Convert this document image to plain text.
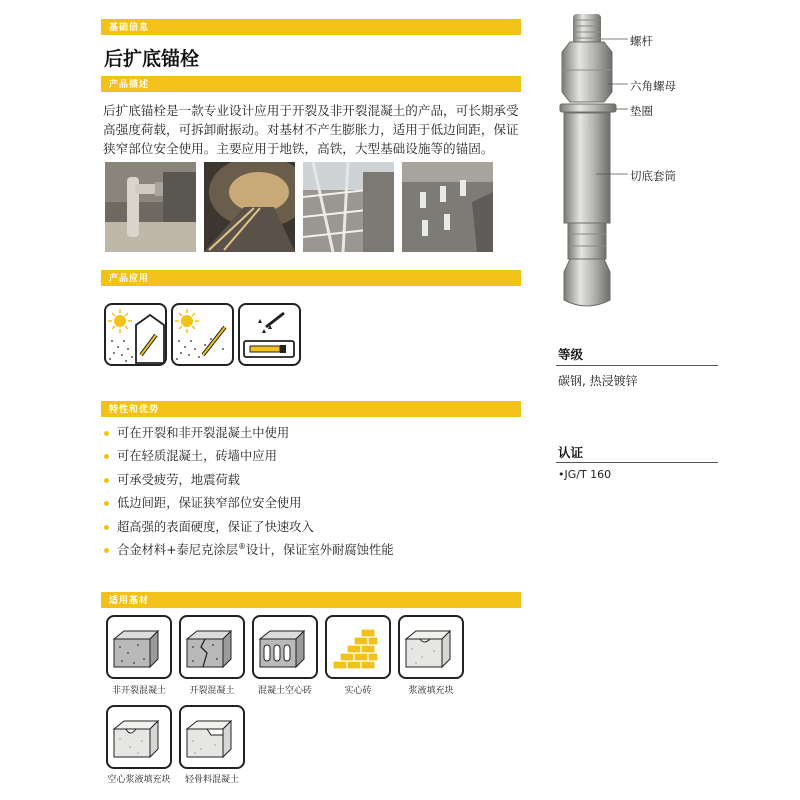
基础信息
后扩底锚栓
产品描述
后扩底锚栓是一款专业设计应用于开裂及非开裂混凝土的产品，可长期承受高强度荷载，可拆卸耐振动。对基材不产生膨胀力，适用于低边间距，保证狭窄部位安全使用。主要应用于地铁，高铁，大型基础设施等的锚固。
产品应用
特性和优势
可在开裂和非开裂混凝土中使用
可在轻质混凝土，砖墙中应用
可承受疲劳，地震荷载
低边间距，保证狭窄部位安全使用
超高强的表面硬度，保证了快速攻入
合金材料+泰尼克涂层®设计，保证室外耐腐蚀性能
适用基材
非开裂混凝土	开裂混凝土	混凝土空心砖	实心砖	浆液填充块
空心浆液填充块	轻骨料混凝土
螺杆
六角螺母
垫圈
切底套筒
等级
碳钢, 热浸镀锌
认证
•JG/T 160
